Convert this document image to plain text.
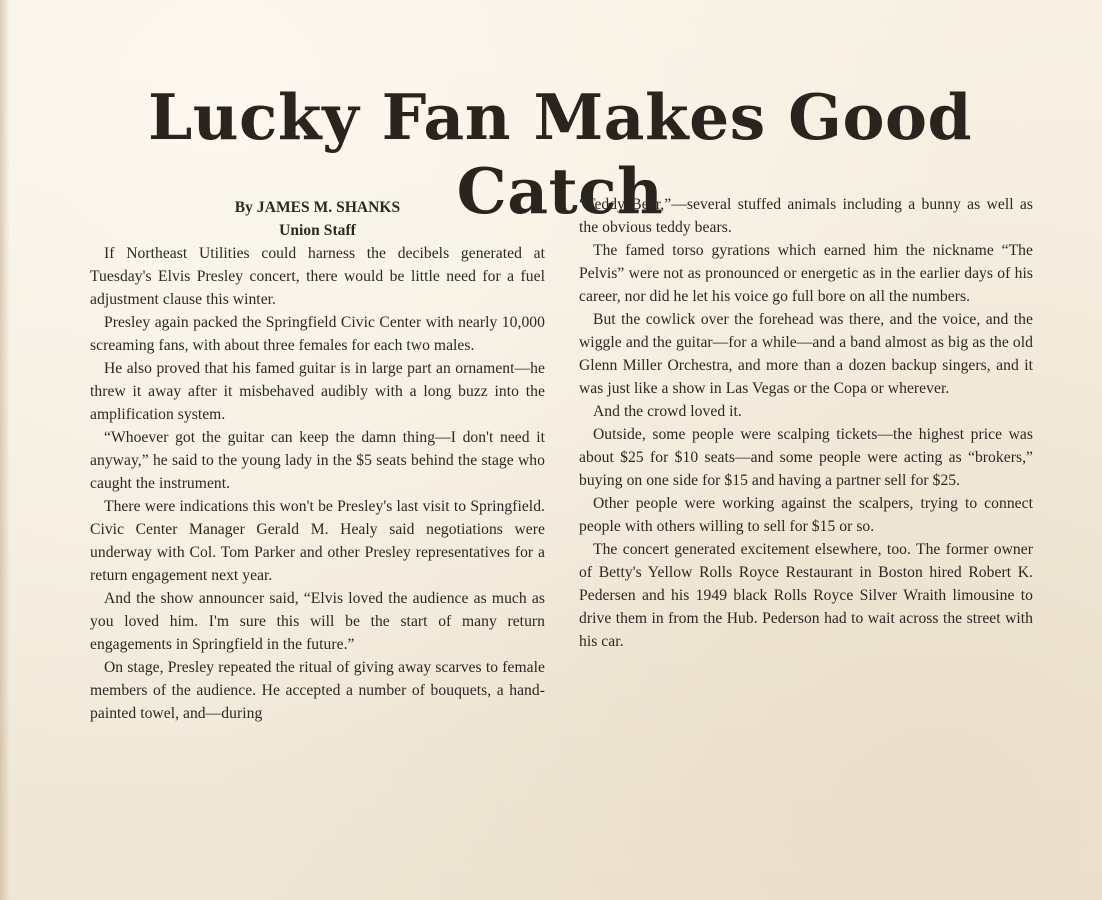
Lucky Fan Makes Good Catch
By JAMES M. SHANKS
Union Staff

If Northeast Utilities could harness the decibels generated at Tuesday's Elvis Presley concert, there would be little need for a fuel adjustment clause this winter.

Presley again packed the Springfield Civic Center with nearly 10,000 screaming fans, with about three females for each two males.

He also proved that his famed guitar is in large part an ornament—he threw it away after it misbehaved audibly with a long buzz into the amplification system.

“Whoever got the guitar can keep the damn thing—I don't need it anyway,” he said to the young lady in the $5 seats behind the stage who caught the instrument.

There were indications this won't be Presley's last visit to Springfield. Civic Center Manager Gerald M. Healy said negotiations were underway with Col. Tom Parker and other Presley representatives for a return engagement next year.

And the show announcer said, “Elvis loved the audience as much as you loved him. I'm sure this will be the start of many return engagements in Springfield in the future.”

On stage, Presley repeated the ritual of giving away scarves to female members of the audience. He accepted a number of bouquets, a hand-painted towel, and—during

“Teddy Bear,”—several stuffed animals including a bunny as well as the obvious teddy bears.

The famed torso gyrations which earned him the nickname “The Pelvis” were not as pronounced or energetic as in the earlier days of his career, nor did he let his voice go full bore on all the numbers.

But the cowlick over the forehead was there, and the voice, and the wiggle and the guitar—for a while—and a band almost as big as the old Glenn Miller Orchestra, and more than a dozen backup singers, and it was just like a show in Las Vegas or the Copa or wherever.

And the crowd loved it.

Outside, some people were scalping tickets—the highest price was about $25 for $10 seats—and some people were acting as “brokers,” buying on one side for $15 and having a partner sell for $25.

Other people were working against the scalpers, trying to connect people with others willing to sell for $15 or so.

The concert generated excitement elsewhere, too. The former owner of Betty's Yellow Rolls Royce Restaurant in Boston hired Robert K. Pedersen and his 1949 black Rolls Royce Silver Wraith limousine to drive them in from the Hub. Pederson had to wait across the street with his car.
